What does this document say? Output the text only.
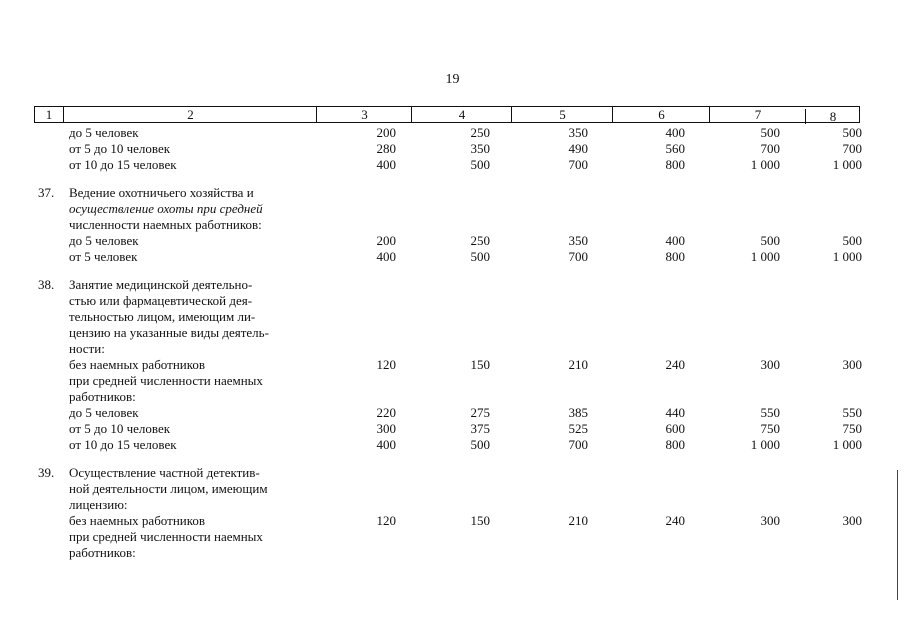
19
1	2	3	4	5	6	7	8
до 5 человек	200	250	350	400	500	500
от 5 до 10 человек	280	350	490	560	700	700
от 10 до 15 человек	400	500	700	800	1 000	1 000
37. Ведение охотничьего хозяйства и
осуществление охоты при средней
численности наемных работников:
до 5 человек	200	250	350	400	500	500
от 5 человек	400	500	700	800	1 000	1 000
38. Занятие медицинской деятельно-
стью или фармацевтической дея-
тельностью лицом, имеющим ли-
цензию на указанные виды деятель-
ности:
без наемных работников	120	150	210	240	300	300
при средней численности наемных
работников:
до 5 человек	220	275	385	440	550	550
от 5 до 10 человек	300	375	525	600	750	750
от 10 до 15 человек	400	500	700	800	1 000	1 000
39. Осуществление частной детектив-
ной деятельности лицом, имеющим
лицензию:
без наемных работников	120	150	210	240	300	300
при средней численности наемных
работников:
